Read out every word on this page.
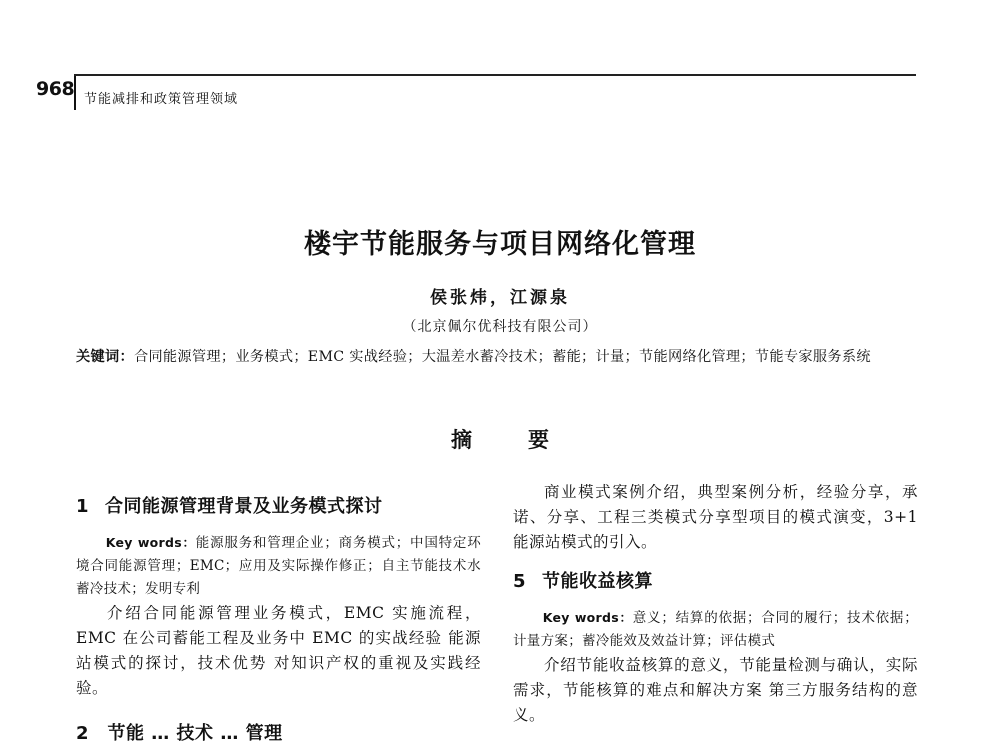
968 节能减排和政策管理领域
楼宇节能服务与项目网络化管理
侯张炜，江源泉
（北京佩尔优科技有限公司）
关键词：合同能源管理；业务模式；EMC 实战经验；大温差水蓄冷技术；蓄能；计量；节能网络化管理；节能专家服务系统
摘	要
1 合同能源管理背景及业务模式探讨

Key words：能源服务和管理企业；商务模式；中国特定环境合同能源管理；EMC；应用及实际操作修正；自主节能技术水蓄冷技术；发明专利

介绍合同能源管理业务模式，EMC 实施流程，EMC 在公司蓄能工程及业务中 EMC 的实战经验 能源站模式的探讨，技术优势 对知识产权的重视及实践经验。

2　节能 … 技术 … 管理

商业模式案例介绍，典型案例分析，经验分享，承诺、分享、工程三类模式分享型项目的模式演变，3+1 能源站模式的引入。

5 节能收益核算

Key words：意义；结算的依据；合同的履行；技术依据；计量方案；蓄冷能效及效益计算；评估模式

介绍节能收益核算的意义，节能量检测与确认，实际需求，节能核算的难点和解决方案 第三方服务结构的意义。
